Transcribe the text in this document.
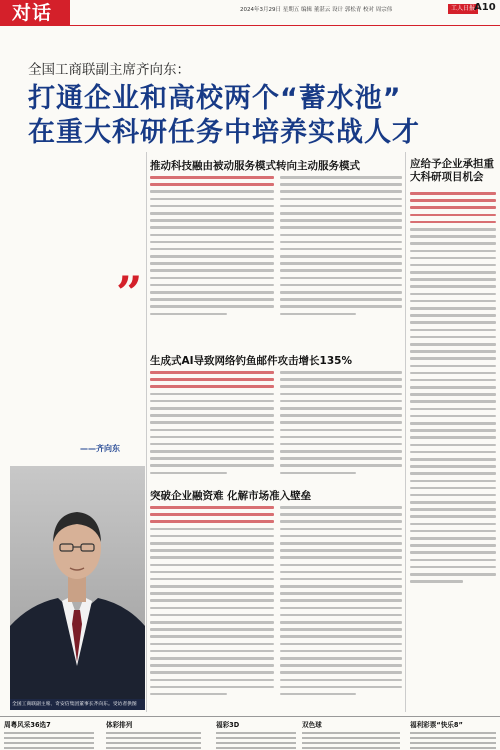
对话	2024年3月29日 星期五 编辑 董湛云 设计 郭松青 校对 周宗伟	工人日报
A10
全国工商联副主席齐向东：
打通企业和高校两个“蓄水池”
在重大科研任务中培养实战人才
”
——齐向东
全国工商联副主席、奇安信集团董事长齐向东。受访者供图
推动科技融由被动服务模式转向主动服务模式
生成式AI导致网络钓鱼邮件攻击增长135%
突破企业融资难 化解市场准入壁垒
应给予企业承担重大科研项目机会
周粤风采36选7	体彩排列	福彩3D	双色球	福利彩票“快乐8”
